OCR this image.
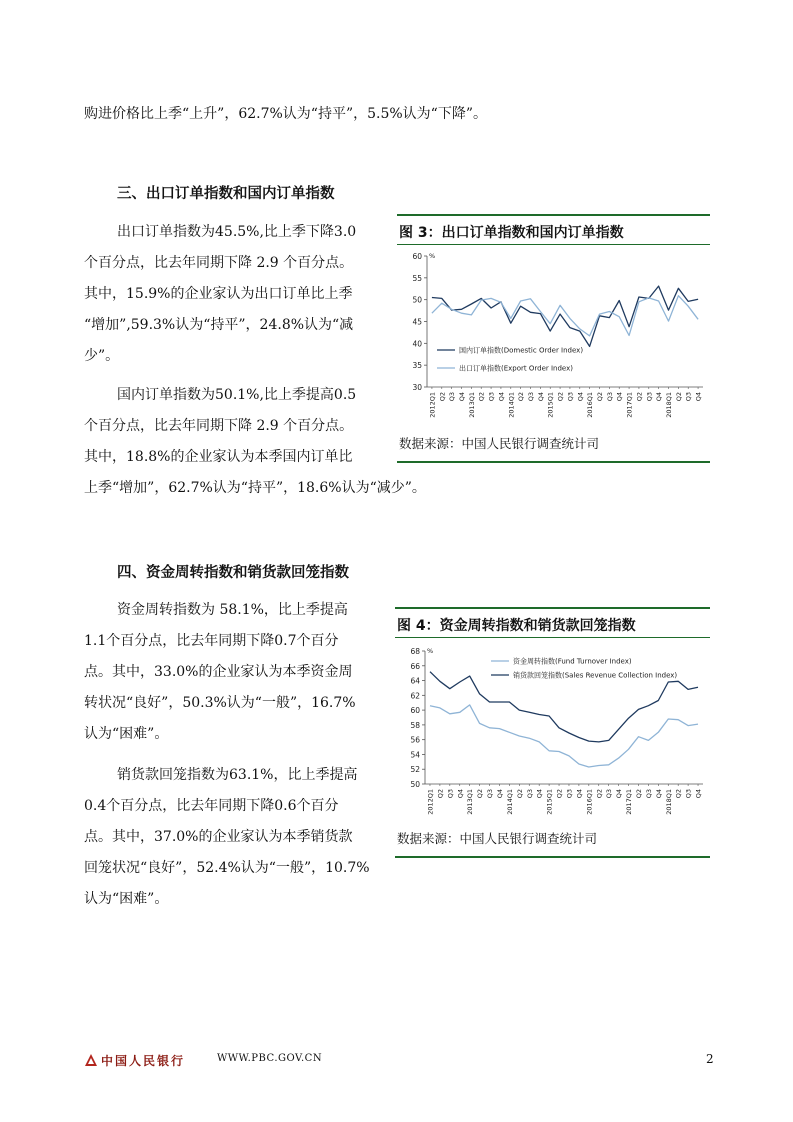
购进价格比上季“上升”，62.7%认为“持平”，5.5%认为“下降”。
三、出口订单指数和国内订单指数
出口订单指数为45.5%,比上季下降3.0
个百分点，比去年同期下降 2.9 个百分点。
其中，15.9%的企业家认为出口订单比上季
“增加”,59.3%认为“持平”，24.8%认为“减
少”。
国内订单指数为50.1%,比上季提高0.5
个百分点，比去年同期下降 2.9 个百分点。
其中，18.8%的企业家认为本季国内订单比
上季“增加”，62.7%认为“持平”，18.6%认为“减少”。
图 3：出口订单指数和国内订单指数
30
35
40
45
50
55
60 %
2012Q1 Q2 Q3 Q4 2013Q1 Q2 Q3 Q4 2014Q1 Q2 Q3 Q4 2015Q1 Q2 Q3 Q4 2016Q1 Q2 Q3 Q4 2017Q1 Q2 Q3 Q4 2018Q1 Q2 Q3 Q4
国内订单指数(Domestic Order Index)
出口订单指数(Export Order Index)
数据来源：中国人民银行调查统计司
四、资金周转指数和销货款回笼指数
资金周转指数为 58.1%，比上季提高
1.1个百分点，比去年同期下降0.7个百分
点。其中，33.0%的企业家认为本季资金周
转状况“良好”，50.3%认为“一般”，16.7%
认为“困难”。
销货款回笼指数为63.1%，比上季提高
0.4个百分点，比去年同期下降0.6个百分
点。其中，37.0%的企业家认为本季销货款
回笼状况“良好”，52.4%认为“一般”，10.7%
认为“困难”。
图 4：资金周转指数和销货款回笼指数
50
52
54
56
58
60
62
64
66
68 %
2012Q1 Q2 Q3 Q4 2013Q1 Q2 Q3 Q4 2014Q1 Q2 Q3 Q4 2015Q1 Q2 Q3 Q4 2016Q1 Q2 Q3 Q4 2017Q1 Q2 Q3 Q4 2018Q1 Q2 Q3 Q4
资金周转指数(Fund Turnover Index)
销货款回笼指数(Sales Revenue Collection Index)
数据来源：中国人民银行调查统计司
中国人民银行	WWW.PBC.GOV.CN	2
